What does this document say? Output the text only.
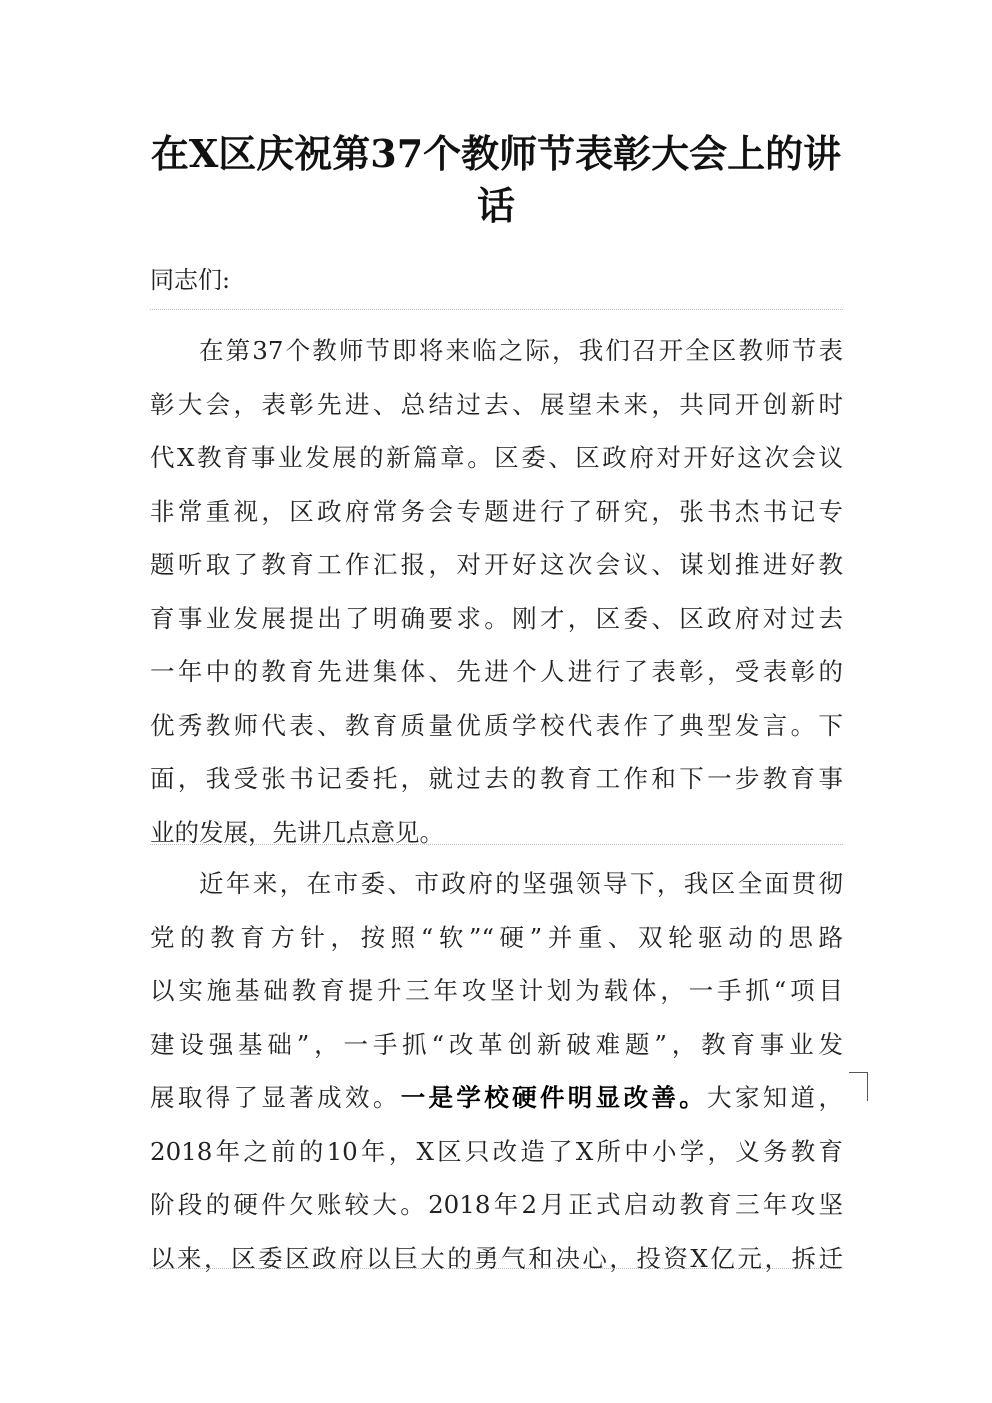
在X区庆祝第37个教师节表彰大会上的讲
话
同志们:
在第37个教师节即将来临之际，我们召开全区教师节表
彰大会，表彰先进、总结过去、展望未来，共同开创新时
代X教育事业发展的新篇章。区委、区政府对开好这次会议
非常重视，区政府常务会专题进行了研究，张书杰书记专
题听取了教育工作汇报，对开好这次会议、谋划推进好教
育事业发展提出了明确要求。刚才，区委、区政府对过去
一年中的教育先进集体、先进个人进行了表彰，受表彰的
优秀教师代表、教育质量优质学校代表作了典型发言。下
面，我受张书记委托，就过去的教育工作和下一步教育事
业的发展，先讲几点意见。
近年来，在市委、市政府的坚强领导下，我区全面贯彻
党的教育方针，按照“软”“硬”并重、双轮驱动的思路
以实施基础教育提升三年攻坚计划为载体，一手抓“项目
建设强基础”，一手抓“改革创新破难题”，教育事业发
展取得了显著成效。一是学校硬件明显改善。大家知道，
2018年之前的10年，X区只改造了X所中小学，义务教育
阶段的硬件欠账较大。2018年2月正式启动教育三年攻坚
以来，区委区政府以巨大的勇气和决心，投资X亿元，拆迁
